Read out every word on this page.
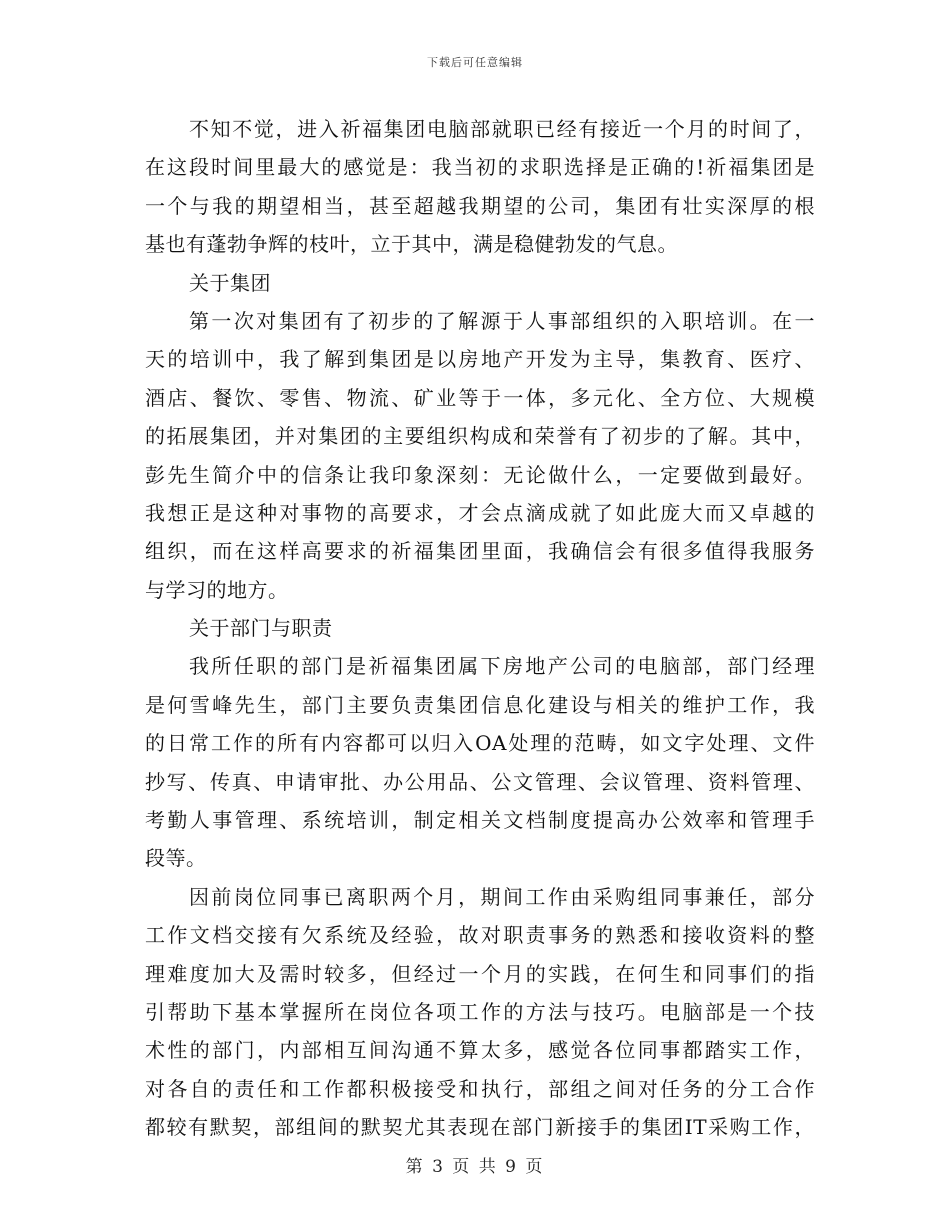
下载后可任意编辑
不知不觉，进入祈福集团电脑部就职已经有接近一个月的时间了，
在这段时间里最大的感觉是：我当初的求职选择是正确的!祈福集团是
一个与我的期望相当，甚至超越我期望的公司，集团有壮实深厚的根
基也有蓬勃争辉的枝叶，立于其中，满是稳健勃发的气息。
关于集团
第一次对集团有了初步的了解源于人事部组织的入职培训。在一
天的培训中，我了解到集团是以房地产开发为主导，集教育、医疗、
酒店、餐饮、零售、物流、矿业等于一体，多元化、全方位、大规模
的拓展集团，并对集团的主要组织构成和荣誉有了初步的了解。其中，
彭先生简介中的信条让我印象深刻：无论做什么，一定要做到最好。
我想正是这种对事物的高要求，才会点滴成就了如此庞大而又卓越的
组织，而在这样高要求的祈福集团里面，我确信会有很多值得我服务
与学习的地方。
关于部门与职责
我所任职的部门是祈福集团属下房地产公司的电脑部，部门经理
是何雪峰先生，部门主要负责集团信息化建设与相关的维护工作，我
的日常工作的所有内容都可以归入OA处理的范畴，如文字处理、文件
抄写、传真、申请审批、办公用品、公文管理、会议管理、资料管理、
考勤人事管理、系统培训，制定相关文档制度提高办公效率和管理手
段等。
因前岗位同事已离职两个月，期间工作由采购组同事兼任，部分
工作文档交接有欠系统及经验，故对职责事务的熟悉和接收资料的整
理难度加大及需时较多，但经过一个月的实践，在何生和同事们的指
引帮助下基本掌握所在岗位各项工作的方法与技巧。电脑部是一个技
术性的部门，内部相互间沟通不算太多，感觉各位同事都踏实工作，
对各自的责任和工作都积极接受和执行，部组之间对任务的分工合作
都较有默契，部组间的默契尤其表现在部门新接手的集团IT采购工作，
第 3 页 共 9 页
